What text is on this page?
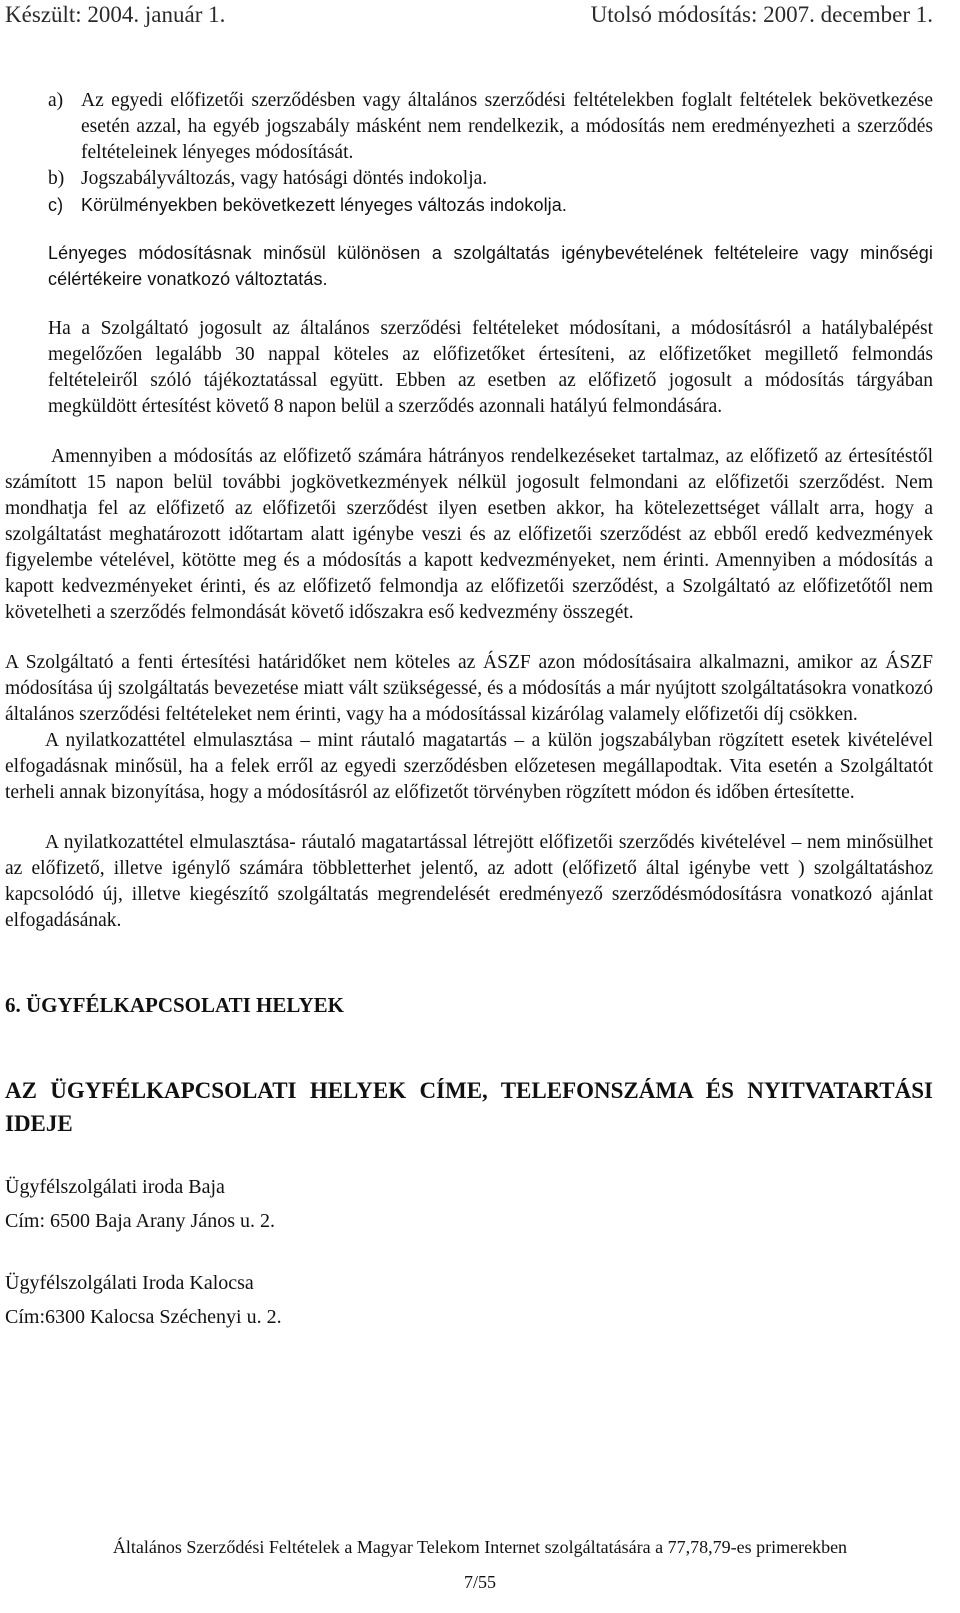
Készült: 2004. január 1.	Utolsó módosítás: 2007. december 1.
a) Az egyedi előfizetői szerződésben vagy általános szerződési feltételekben foglalt feltételek bekövetkezése esetén azzal, ha egyéb jogszabály másként nem rendelkezik, a módosítás nem eredményezheti a szerződés feltételeinek lényeges módosítását.
b) Jogszabályváltozás, vagy hatósági döntés indokolja.
c) Körülményekben bekövetkezett lényeges változás indokolja.

Lényeges módosításnak minősül különösen a szolgáltatás igénybevételének feltételeire vagy minőségi célértékeire vonatkozó változtatás.

Ha a Szolgáltató jogosult az általános szerződési feltételeket módosítani, a módosításról a hatálybalépést megelőzően legalább 30 nappal köteles az előfizetőket értesíteni, az előfizetőket megillető felmondás feltételeiről szóló tájékoztatással együtt. Ebben az esetben az előfizető jogosult a módosítás tárgyában megküldött értesítést követő 8 napon belül a szerződés azonnali hatályú felmondására.

Amennyiben a módosítás az előfizető számára hátrányos rendelkezéseket tartalmaz, az előfizető az értesítéstől számított 15 napon belül további jogkövetkezmények nélkül jogosult felmondani az előfizetői szerződést. Nem mondhatja fel az előfizető az előfizetői szerződést ilyen esetben akkor, ha kötelezettséget vállalt arra, hogy a szolgáltatást meghatározott időtartam alatt igénybe veszi és az előfizetői szerződést az ebből eredő kedvezmények figyelembe vételével, kötötte meg és a módosítás a kapott kedvezményeket, nem érinti. Amennyiben a módosítás a kapott kedvezményeket érinti, és az előfizető felmondja az előfizetői szerződést, a Szolgáltató az előfizetőtől nem követelheti a szerződés felmondását követő időszakra eső kedvezmény összegét.

A Szolgáltató a fenti értesítési határidőket nem köteles az ÁSZF azon módosításaira alkalmazni, amikor az ÁSZF módosítása új szolgáltatás bevezetése miatt vált szükségessé, és a módosítás a már nyújtott szolgáltatásokra vonatkozó általános szerződési feltételeket nem érinti, vagy ha a módosítással kizárólag valamely előfizetői díj csökken.

A nyilatkozattétel elmulasztása – mint ráutaló magatartás – a külön jogszabályban rögzített esetek kivételével elfogadásnak minősül, ha a felek erről az egyedi szerződésben előzetesen megállapodtak. Vita esetén a Szolgáltatót terheli annak bizonyítása, hogy a módosításról az előfizetőt törvényben rögzített módon és időben értesítette.

A nyilatkozattétel elmulasztása- ráutaló magatartással létrejött előfizetői szerződés kivételével – nem minősülhet az előfizető, illetve igénylő számára többletterhet jelentő, az adott (előfizető által igénybe vett ) szolgáltatáshoz kapcsolódó új, illetve kiegészítő szolgáltatás megrendelését eredményező szerződésmódosításra vonatkozó ajánlat elfogadásának.

6. ÜGYFÉLKAPCSOLATI HELYEK
AZ ÜGYFÉLKAPCSOLATI HELYEK CÍME, TELEFONSZÁMA ÉS NYITVATARTÁSI IDEJE
Ügyfélszolgálati iroda Baja
Cím: 6500 Baja Arany János u. 2.
Ügyfélszolgálati Iroda Kalocsa
Cím:6300 Kalocsa Széchenyi u. 2.
Általános Szerződési Feltételek a Magyar Telekom Internet szolgáltatására a 77,78,79-es primerekben
7/55
